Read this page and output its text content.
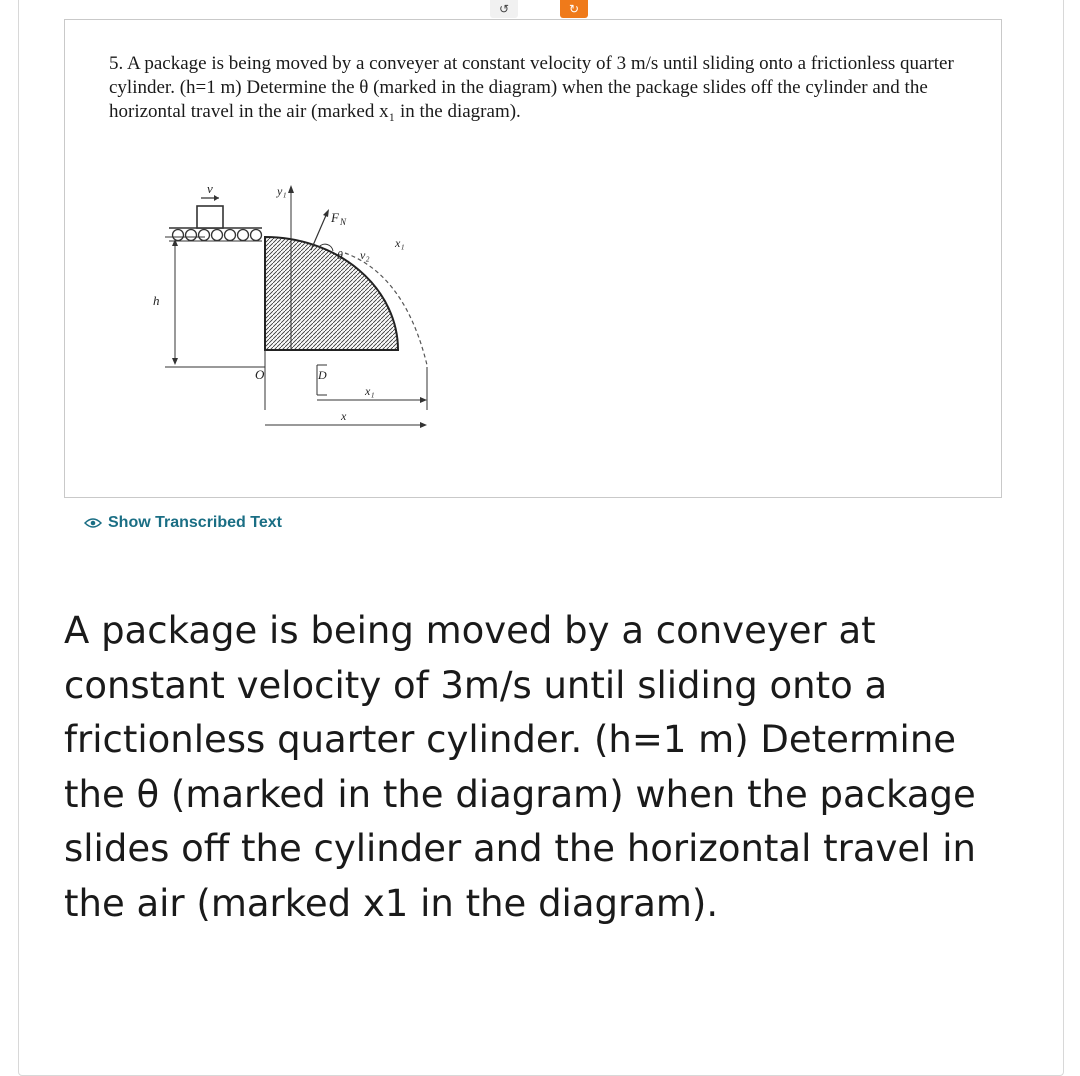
↺	↻

5. A package is being moved by a conveyer at constant velocity of 3 m/s until sliding onto a frictionless quarter cylinder. (h=1 m) Determine the θ (marked in the diagram) when the package slides off the cylinder and the horizontal travel in the air (marked x₁ in the diagram).

v	y₁
F N
θ v₂
x₁
h
O	D
x₁
x
Show Transcribed Text

A package is being moved by a conveyer at constant velocity of 3m/s until sliding onto a frictionless quarter cylinder. (h=1 m) Determine the θ (marked in the diagram) when the package slides off the cylinder and the horizontal travel in the air (marked x1 in the diagram).
